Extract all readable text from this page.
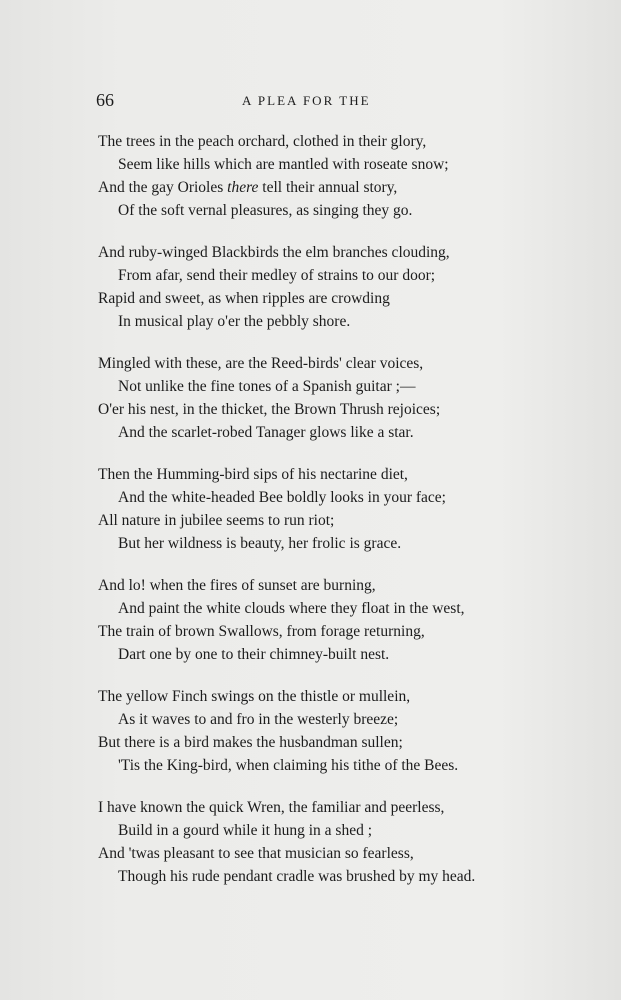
66	A PLEA FOR THE
The trees in the peach orchard, clothed in their glory,
Seem like hills which are mantled with roseate snow;
And the gay Orioles there tell their annual story,
Of the soft vernal pleasures, as singing they go.
And ruby-winged Blackbirds the elm branches clouding,
From afar, send their medley of strains to our door;
Rapid and sweet, as when ripples are crowding
In musical play o'er the pebbly shore.
Mingled with these, are the Reed-birds' clear voices,
Not unlike the fine tones of a Spanish guitar ;—
O'er his nest, in the thicket, the Brown Thrush rejoices;
And the scarlet-robed Tanager glows like a star.
Then the Humming-bird sips of his nectarine diet,
And the white-headed Bee boldly looks in your face;
All nature in jubilee seems to run riot;
But her wildness is beauty, her frolic is grace.
And lo! when the fires of sunset are burning,
And paint the white clouds where they float in the west,
The train of brown Swallows, from forage returning,
Dart one by one to their chimney-built nest.
The yellow Finch swings on the thistle or mullein,
As it waves to and fro in the westerly breeze;
But there is a bird makes the husbandman sullen;
'Tis the King-bird, when claiming his tithe of the Bees.
I have known the quick Wren, the familiar and peerless,
Build in a gourd while it hung in a shed ;
And 'twas pleasant to see that musician so fearless,
Though his rude pendant cradle was brushed by my head.
